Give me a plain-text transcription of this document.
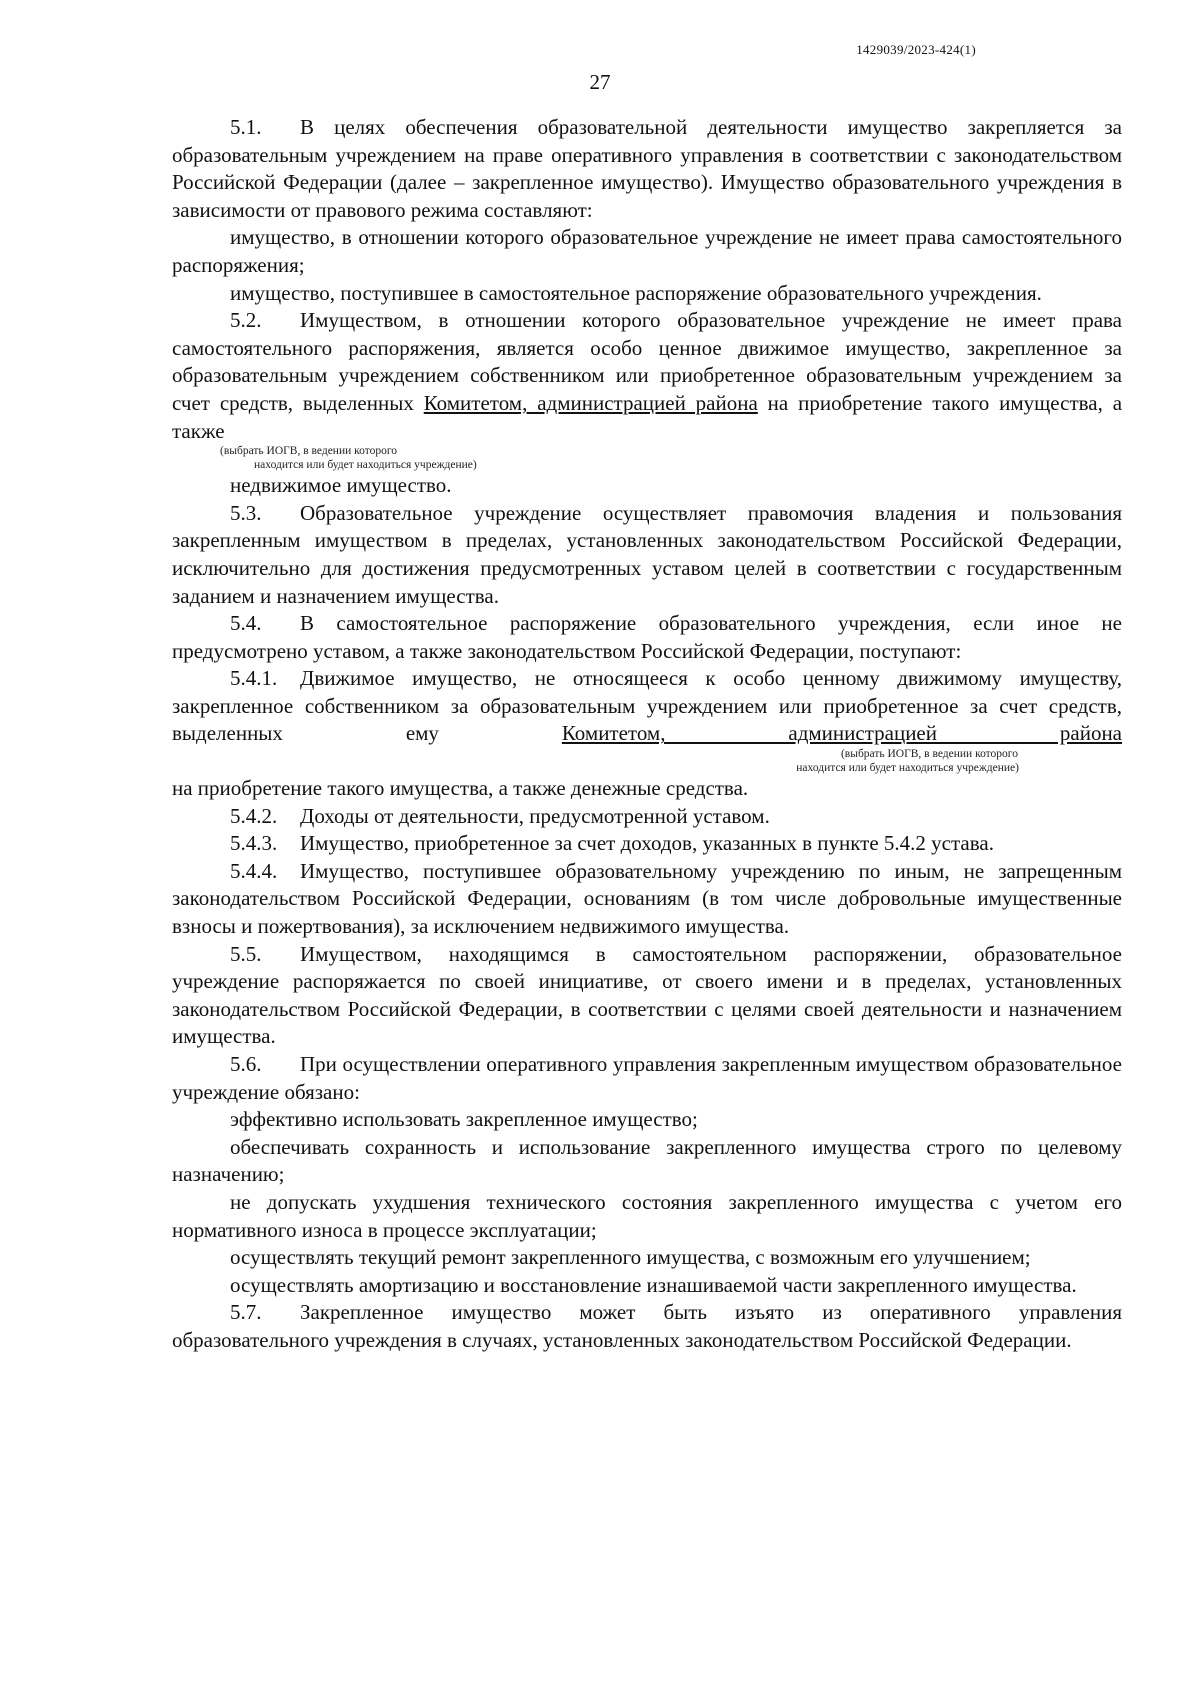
1429039/2023-424(1)
27

5.1. В целях обеспечения образовательной деятельности имущество закрепляется за образовательным учреждением на праве оперативного управления в соответствии с законодательством Российской Федерации (далее – закрепленное имущество). Имущество образовательного учреждения в зависимости от правового режима составляют:

имущество, в отношении которого образовательное учреждение не имеет права самостоятельного распоряжения;

имущество, поступившее в самостоятельное распоряжение образовательного учреждения.

5.2. Имуществом, в отношении которого образовательное учреждение не имеет права самостоятельного распоряжения, является особо ценное движимое имущество, закрепленное за образовательным учреждением собственником или приобретенное образовательным учреждением за счет средств, выделенных Комитетом, администрацией района на приобретение такого имущества, а также

(выбрать ИОГВ, в ведении которого
находится или будет находиться учреждение)

недвижимое имущество.

5.3. Образовательное учреждение осуществляет правомочия владения и пользования закрепленным имуществом в пределах, установленных законодательством Российской Федерации, исключительно для достижения предусмотренных уставом целей в соответствии с государственным заданием и назначением имущества.

5.4. В самостоятельное распоряжение образовательного учреждения, если иное не предусмотрено уставом, а также законодательством Российской Федерации, поступают:

5.4.1. Движимое имущество, не относящееся к особо ценному движимому имуществу, закрепленное собственником за образовательным учреждением или приобретенное за счет средств, выделенных ему	Комитетом, администрацией района

(выбрать ИОГВ, в ведении которого
находится или будет находиться учреждение)

на приобретение такого имущества, а также денежные средства.

5.4.2. Доходы от деятельности, предусмотренной уставом.

5.4.3. Имущество, приобретенное за счет доходов, указанных в пункте 5.4.2 устава.

5.4.4. Имущество, поступившее образовательному учреждению по иным, не запрещенным законодательством Российской Федерации, основаниям (в том числе добровольные имущественные взносы и пожертвования), за исключением недвижимого имущества.

5.5. Имуществом, находящимся в самостоятельном распоряжении, образовательное учреждение распоряжается по своей инициативе, от своего имени и в пределах, установленных законодательством Российской Федерации, в соответствии с целями своей деятельности и назначением имущества.

5.6. При осуществлении оперативного управления закрепленным имуществом образовательное учреждение обязано:

эффективно использовать закрепленное имущество;

обеспечивать сохранность и использование закрепленного имущества строго по целевому назначению;

не допускать ухудшения технического состояния закрепленного имущества с учетом его нормативного износа в процессе эксплуатации;

осуществлять текущий ремонт закрепленного имущества, с возможным его улучшением;

осуществлять амортизацию и восстановление изнашиваемой части закрепленного имущества.

5.7. Закрепленное имущество может быть изъято из оперативного управления образовательного учреждения в случаях, установленных законодательством Российской Федерации.
